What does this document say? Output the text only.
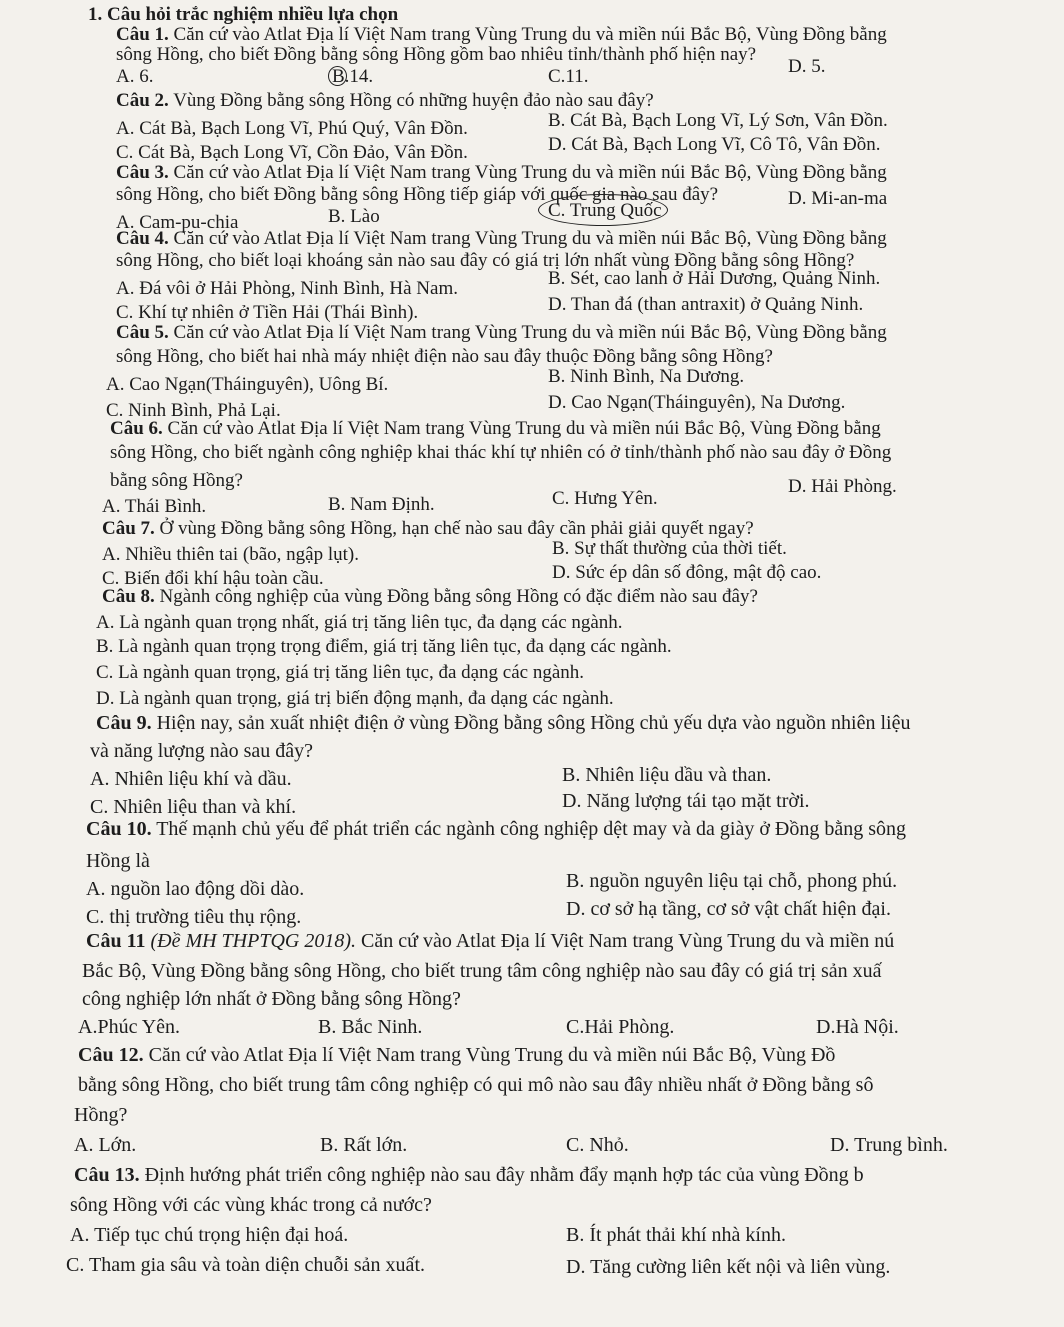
1. Câu hỏi trắc nghiệm nhiều lựa chọn
Câu 1. Căn cứ vào Atlat Địa lí Việt Nam trang Vùng Trung du và miền núi Bắc Bộ, Vùng Đồng bằng
sông Hồng, cho biết Đồng bằng sông Hồng gồm bao nhiêu tỉnh/thành phố hiện nay?
A. 6.	B.14.	C.11.	D. 5.
Câu 2. Vùng Đồng bằng sông Hồng có những huyện đảo nào sau đây?
A. Cát Bà, Bạch Long Vĩ, Phú Quý, Vân Đồn.	B. Cát Bà, Bạch Long Vĩ, Lý Sơn, Vân Đồn.
C. Cát Bà, Bạch Long Vĩ, Cồn Đảo, Vân Đồn.	D. Cát Bà, Bạch Long Vĩ, Cô Tô, Vân Đồn.
Câu 3. Căn cứ vào Atlat Địa lí Việt Nam trang Vùng Trung du và miền núi Bắc Bộ, Vùng Đồng bằng
sông Hồng, cho biết Đồng bằng sông Hồng tiếp giáp với quốc gia nào sau đây?
A. Cam-pu-chia	B. Lào	C. Trung Quốc
D. Mi-an-ma
Câu 4. Căn cứ vào Atlat Địa lí Việt Nam trang Vùng Trung du và miền núi Bắc Bộ, Vùng Đồng bằng
sông Hồng, cho biết loại khoáng sản nào sau đây có giá trị lớn nhất vùng Đồng bằng sông Hồng?
A. Đá vôi ở Hải Phòng, Ninh Bình, Hà Nam.	B. Sét, cao lanh ở Hải Dương, Quảng Ninh.
C. Khí tự nhiên ở Tiền Hải (Thái Bình).	D. Than đá (than antraxit) ở Quảng Ninh.
Câu 5. Căn cứ vào Atlat Địa lí Việt Nam trang Vùng Trung du và miền núi Bắc Bộ, Vùng Đồng bằng
sông Hồng, cho biết hai nhà máy nhiệt điện nào sau đây thuộc Đồng bằng sông Hồng?
A. Cao Ngạn(Tháinguyên), Uông Bí.	B. Ninh Bình, Na Dương.
C. Ninh Bình, Phả Lại.	D. Cao Ngạn(Tháinguyên), Na Dương.
Câu 6. Căn cứ vào Atlat Địa lí Việt Nam trang Vùng Trung du và miền núi Bắc Bộ, Vùng Đồng bằng
sông Hồng, cho biết ngành công nghiệp khai thác khí tự nhiên có ở tỉnh/thành phố nào sau đây ở Đồng
bằng sông Hồng?
A. Thái Bình.	B. Nam Định.	C. Hưng Yên.
D. Hải Phòng.
Câu 7. Ở vùng Đồng bằng sông Hồng, hạn chế nào sau đây cần phải giải quyết ngay?
A. Nhiều thiên tai (bão, ngập lụt).	B. Sự thất thường của thời tiết.
C. Biến đổi khí hậu toàn cầu.	D. Sức ép dân số đông, mật độ cao.
Câu 8. Ngành công nghiệp của vùng Đồng bằng sông Hồng có đặc điểm nào sau đây?
A. Là ngành quan trọng nhất, giá trị tăng liên tục, đa dạng các ngành.
B. Là ngành quan trọng trọng điểm, giá trị tăng liên tục, đa dạng các ngành.
C. Là ngành quan trọng, giá trị tăng liên tục, đa dạng các ngành.
D. Là ngành quan trọng, giá trị biến động mạnh, đa dạng các ngành.
Câu 9. Hiện nay, sản xuất nhiệt điện ở vùng Đồng bằng sông Hồng chủ yếu dựa vào nguồn nhiên liệu
và năng lượng nào sau đây?
A. Nhiên liệu khí và dầu.	B. Nhiên liệu dầu và than.
C. Nhiên liệu than và khí.	D. Năng lượng tái tạo mặt trời.
Câu 10. Thế mạnh chủ yếu để phát triển các ngành công nghiệp dệt may và da giày ở Đồng bằng sông
Hồng là
A. nguồn lao động dồi dào.	B. nguồn nguyên liệu tại chỗ, phong phú.
C. thị trường tiêu thụ rộng.	D. cơ sở hạ tầng, cơ sở vật chất hiện đại.
Câu 11 (Đề MH THPTQG 2018). Căn cứ vào Atlat Địa lí Việt Nam trang Vùng Trung du và miền nú
Bắc Bộ, Vùng Đồng bằng sông Hồng, cho biết trung tâm công nghiệp nào sau đây có giá trị sản xuấ
công nghiệp lớn nhất ở Đồng bằng sông Hồng?
A.Phúc Yên.	B. Bắc Ninh.	C.Hải Phòng.	D.Hà Nội.
Câu 12. Căn cứ vào Atlat Địa lí Việt Nam trang Vùng Trung du và miền núi Bắc Bộ, Vùng Đồ
bằng sông Hồng, cho biết trung tâm công nghiệp có qui mô nào sau đây nhiều nhất ở Đồng bằng sô
Hồng?
A. Lớn.	B. Rất lớn.	C. Nhỏ.	D. Trung bình.
Câu 13. Định hướng phát triển công nghiệp nào sau đây nhằm đẩy mạnh hợp tác của vùng Đồng b
sông Hồng với các vùng khác trong cả nước?
A. Tiếp tục chú trọng hiện đại hoá.	B. Ít phát thải khí nhà kính.
C. Tham gia sâu và toàn diện chuỗi sản xuất.	D. Tăng cường liên kết nội và liên vùng.
